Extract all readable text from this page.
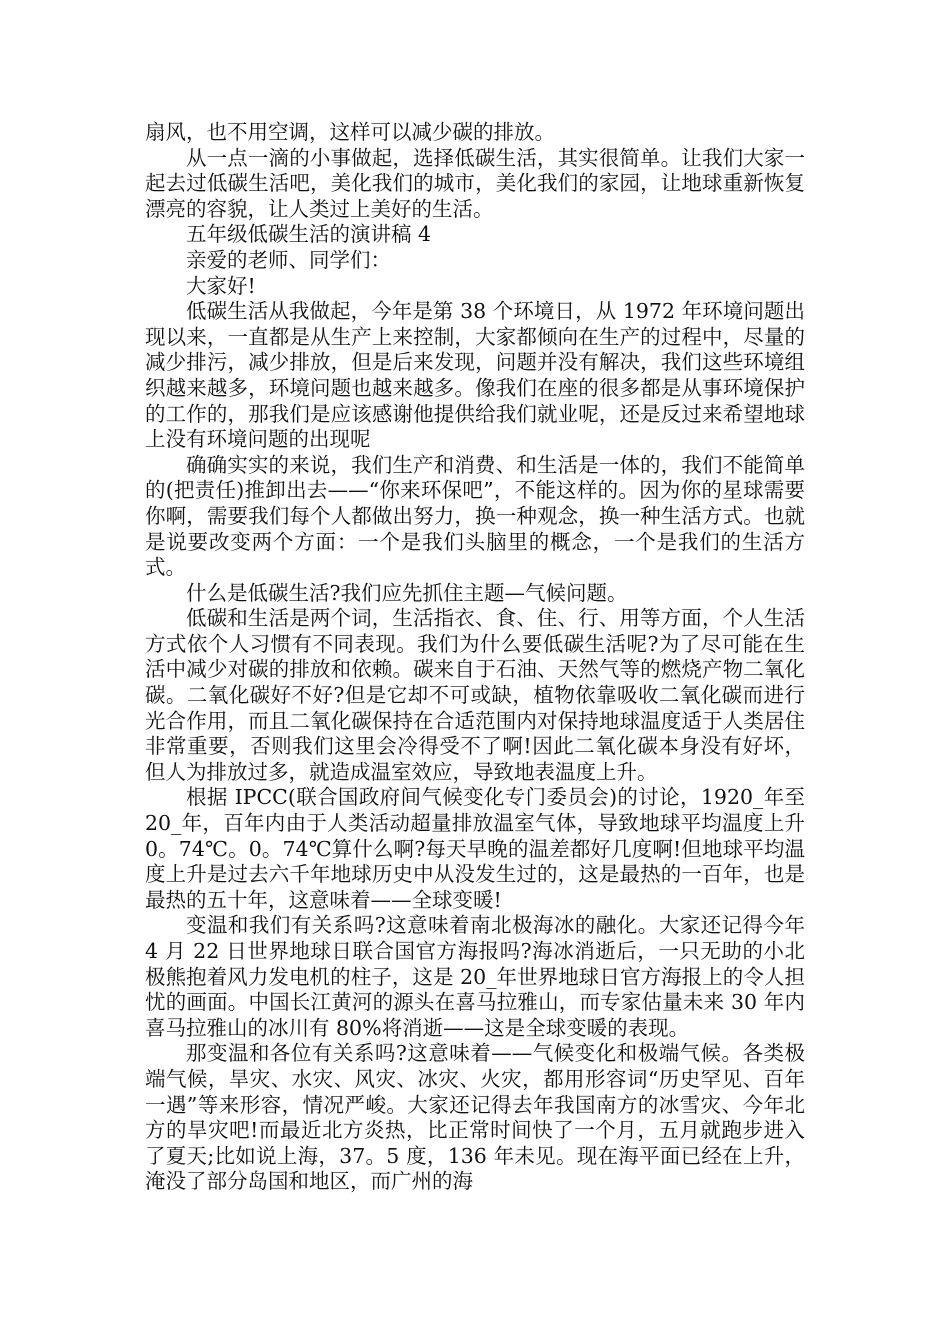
扇风，也不用空调，这样可以减少碳的排放。

从一点一滴的小事做起，选择低碳生活，其实很简单。让我们大家一起去过低碳生活吧，美化我们的城市，美化我们的家园，让地球重新恢复漂亮的容貌，让人类过上美好的生活。

五年级低碳生活的演讲稿 4

亲爱的老师、同学们：

大家好!

低碳生活从我做起，今年是第 38 个环境日，从 1972 年环境问题出现以来，一直都是从生产上来控制，大家都倾向在生产的过程中，尽量的减少排污，减少排放，但是后来发现，问题并没有解决，我们这些环境组织越来越多，环境问题也越来越多。像我们在座的很多都是从事环境保护的工作的，那我们是应该感谢他提供给我们就业呢，还是反过来希望地球上没有环境问题的出现呢

确确实实的来说，我们生产和消费、和生活是一体的，我们不能简单的(把责任)推卸出去——“你来环保吧”，不能这样的。因为你的星球需要你啊，需要我们每个人都做出努力，换一种观念，换一种生活方式。也就是说要改变两个方面：一个是我们头脑里的概念，一个是我们的生活方式。

什么是低碳生活?我们应先抓住主题—气候问题。

低碳和生活是两个词，生活指衣、食、住、行、用等方面，个人生活方式依个人习惯有不同表现。我们为什么要低碳生活呢?为了尽可能在生活中减少对碳的排放和依赖。碳来自于石油、天然气等的燃烧产物二氧化碳。二氧化碳好不好?但是它却不可或缺，植物依靠吸收二氧化碳而进行光合作用，而且二氧化碳保持在合适范围内对保持地球温度适于人类居住非常重要，否则我们这里会冷得受不了啊!因此二氧化碳本身没有好坏，但人为排放过多，就造成温室效应，导致地表温度上升。

根据 IPCC(联合国政府间气候变化专门委员会)的讨论，1920_年至 20_年，百年内由于人类活动超量排放温室气体，导致地球平均温度上升 0。74℃。0。74℃算什么啊?每天早晚的温差都好几度啊!但地球平均温度上升是过去六千年地球历史中从没发生过的，这是最热的一百年，也是最热的五十年，这意味着——全球变暖!

变温和我们有关系吗?这意味着南北极海冰的融化。大家还记得今年 4 月 22 日世界地球日联合国官方海报吗?海冰消逝后，一只无助的小北极熊抱着风力发电机的柱子，这是 20_年世界地球日官方海报上的令人担忧的画面。中国长江黄河的源头在喜马拉雅山，而专家估量未来 30 年内喜马拉雅山的冰川有 80%将消逝——这是全球变暖的表现。

那变温和各位有关系吗?这意味着——气候变化和极端气候。各类极端气候，旱灾、水灾、风灾、冰灾、火灾，都用形容词“历史罕见、百年一遇”等来形容，情况严峻。大家还记得去年我国南方的冰雪灾、今年北方的旱灾吧!而最近北方炎热，比正常时间快了一个月，五月就跑步进入了夏天;比如说上海，37。5 度，136 年未见。现在海平面已经在上升，淹没了部分岛国和地区，而广州的海
